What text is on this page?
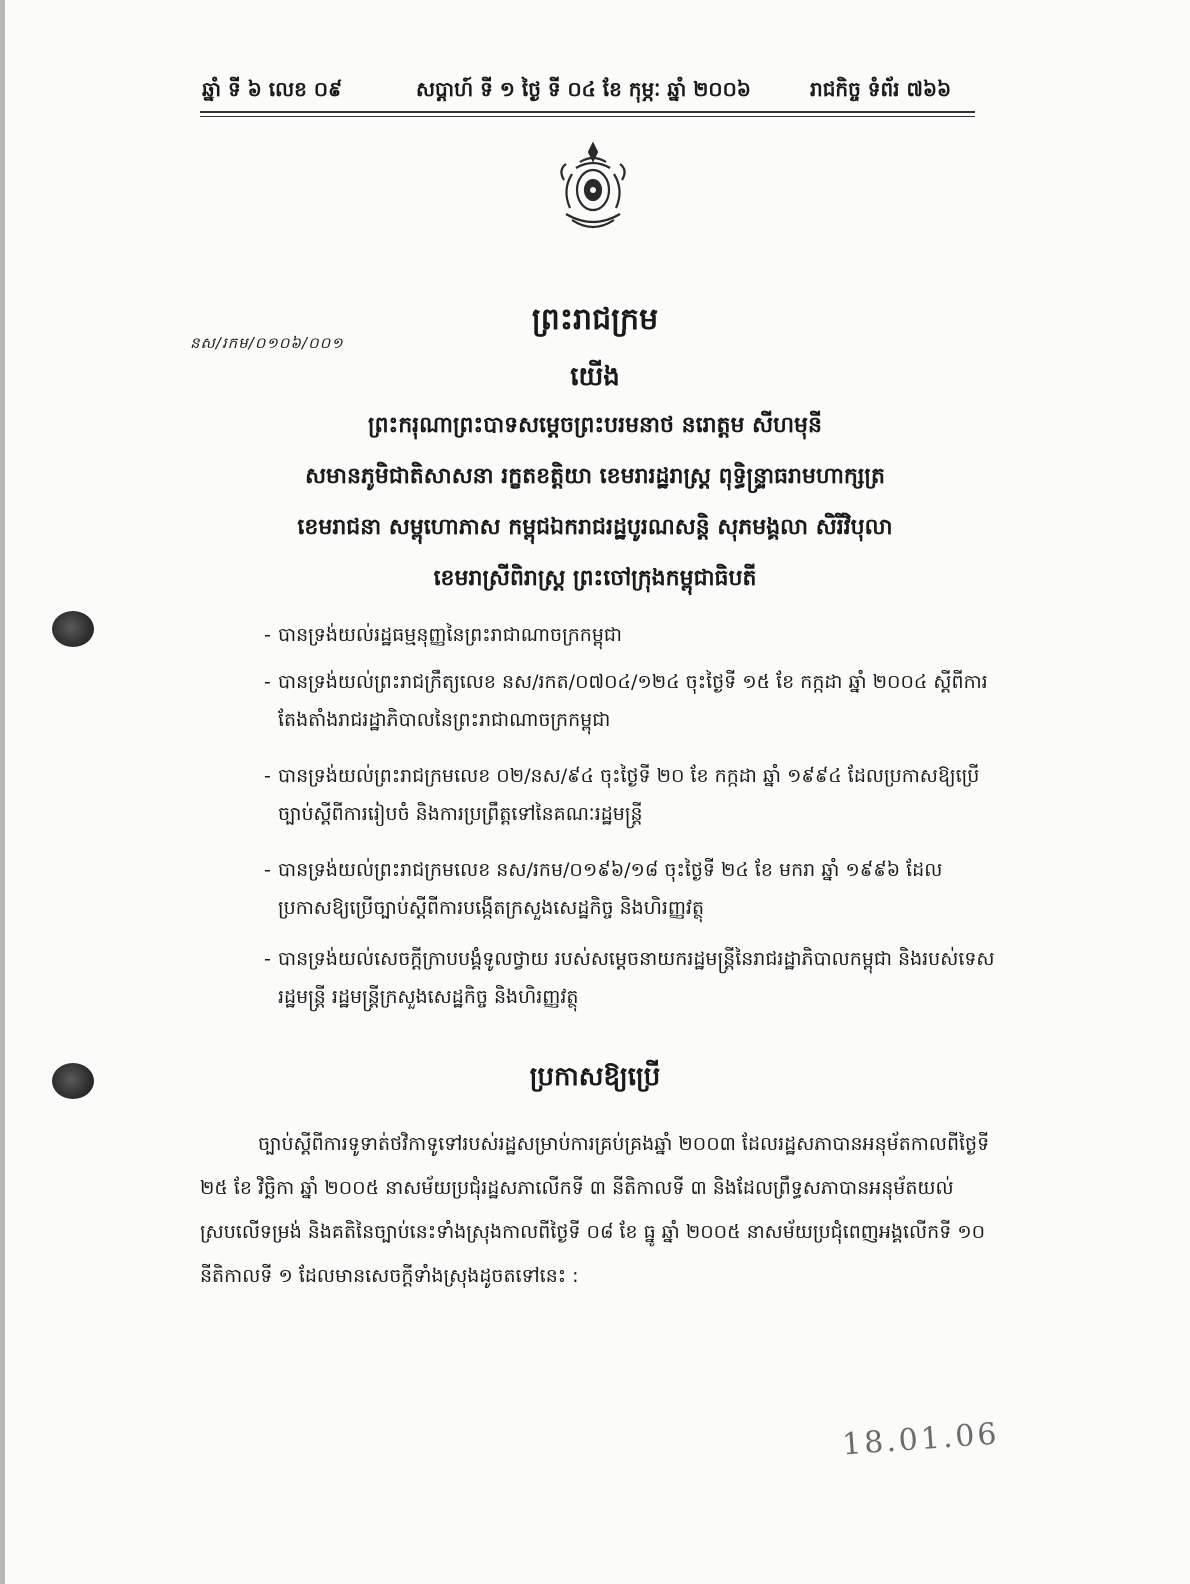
ឆ្នាំ ទី ៦ លេខ ០៩	សប្តាហ៍ ទី ១ ថ្ងៃ ទី ០៤ ខែ កុម្ភៈ ឆ្នាំ ២០០៦	រាជកិច្ច ទំព័រ ៧៦៦
នស/រកម/០១០៦/០០១
ព្រះរាជក្រម
យើង
ព្រះករុណាព្រះបាទសម្តេចព្រះបរមនាថ នរោត្តម សីហមុនី
សមានភូមិជាតិសាសនា រក្ខតខត្តិយា ខេមរារដ្ឋរាស្ត្រ ពុទ្ធិន្ទ្រាធរាមហាក្សត្រ
ខេមរាជនា សម្ពុហោភាស កម្ពុជឯករាជរដ្ឋបូរណសន្តិ សុភមង្គលា សិរីវិបុលា
ខេមរាស្រីពិរាស្ត្រ ព្រះចៅក្រុងកម្ពុជាធិបតី
- បានទ្រង់យល់រដ្ឋធម្មនុញ្ញនៃព្រះរាជាណាចក្រកម្ពុជា
- បានទ្រង់យល់ព្រះរាជក្រឹត្យលេខ នស/រកត/០៧០៤/១២៤ ចុះថ្ងៃទី ១៥ ខែ កក្កដា ឆ្នាំ ២០០៤ ស្តីពីការតែងតាំងរាជរដ្ឋាភិបាលនៃព្រះរាជាណាចក្រកម្ពុជា
- បានទ្រង់យល់ព្រះរាជក្រមលេខ ០២/នស/៩៤ ចុះថ្ងៃទី ២០ ខែ កក្កដា ឆ្នាំ ១៩៩៤ ដែលប្រកាសឱ្យប្រើច្បាប់ស្តីពីការរៀបចំ និងការប្រព្រឹត្តទៅនៃគណៈរដ្ឋមន្ត្រី
- បានទ្រង់យល់ព្រះរាជក្រមលេខ នស/រកម/០១៩៦/១៨ ចុះថ្ងៃទី ២៤ ខែ មករា ឆ្នាំ ១៩៩៦ ដែលប្រកាសឱ្យប្រើច្បាប់ស្តីពីការបង្កើតក្រសួងសេដ្ឋកិច្ច និងហិរញ្ញវត្ថុ
- បានទ្រង់យល់សេចក្តីក្រាបបង្គំទូលថ្វាយ របស់សម្តេចនាយករដ្ឋមន្ត្រីនៃរាជរដ្ឋាភិបាលកម្ពុជា និងរបស់ទេសរដ្ឋមន្ត្រី រដ្ឋមន្ត្រីក្រសួងសេដ្ឋកិច្ច និងហិរញ្ញវត្ថុ
ប្រកាសឱ្យប្រើ
ច្បាប់ស្តីពីការទូទាត់ថវិកាទូទៅរបស់រដ្ឋសម្រាប់ការគ្រប់គ្រងឆ្នាំ ២០០៣ ដែលរដ្ឋសភាបានអនុម័តកាលពីថ្ងៃទី ២៥ ខែ វិច្ឆិកា ឆ្នាំ ២០០៥ នាសម័យប្រជុំរដ្ឋសភាលើកទី ៣ នីតិកាលទី ៣ និងដែលព្រឹទ្ធសភាបានអនុម័តយល់ស្របលើទម្រង់ និងគតិនៃច្បាប់នេះទាំងស្រុងកាលពីថ្ងៃទី ០៨ ខែ ធ្នូ ឆ្នាំ ២០០៥ នាសម័យប្រជុំពេញអង្គលើកទី ១០ នីតិកាលទី ១ ដែលមានសេចក្តីទាំងស្រុងដូចតទៅនេះ :
18.01.06
